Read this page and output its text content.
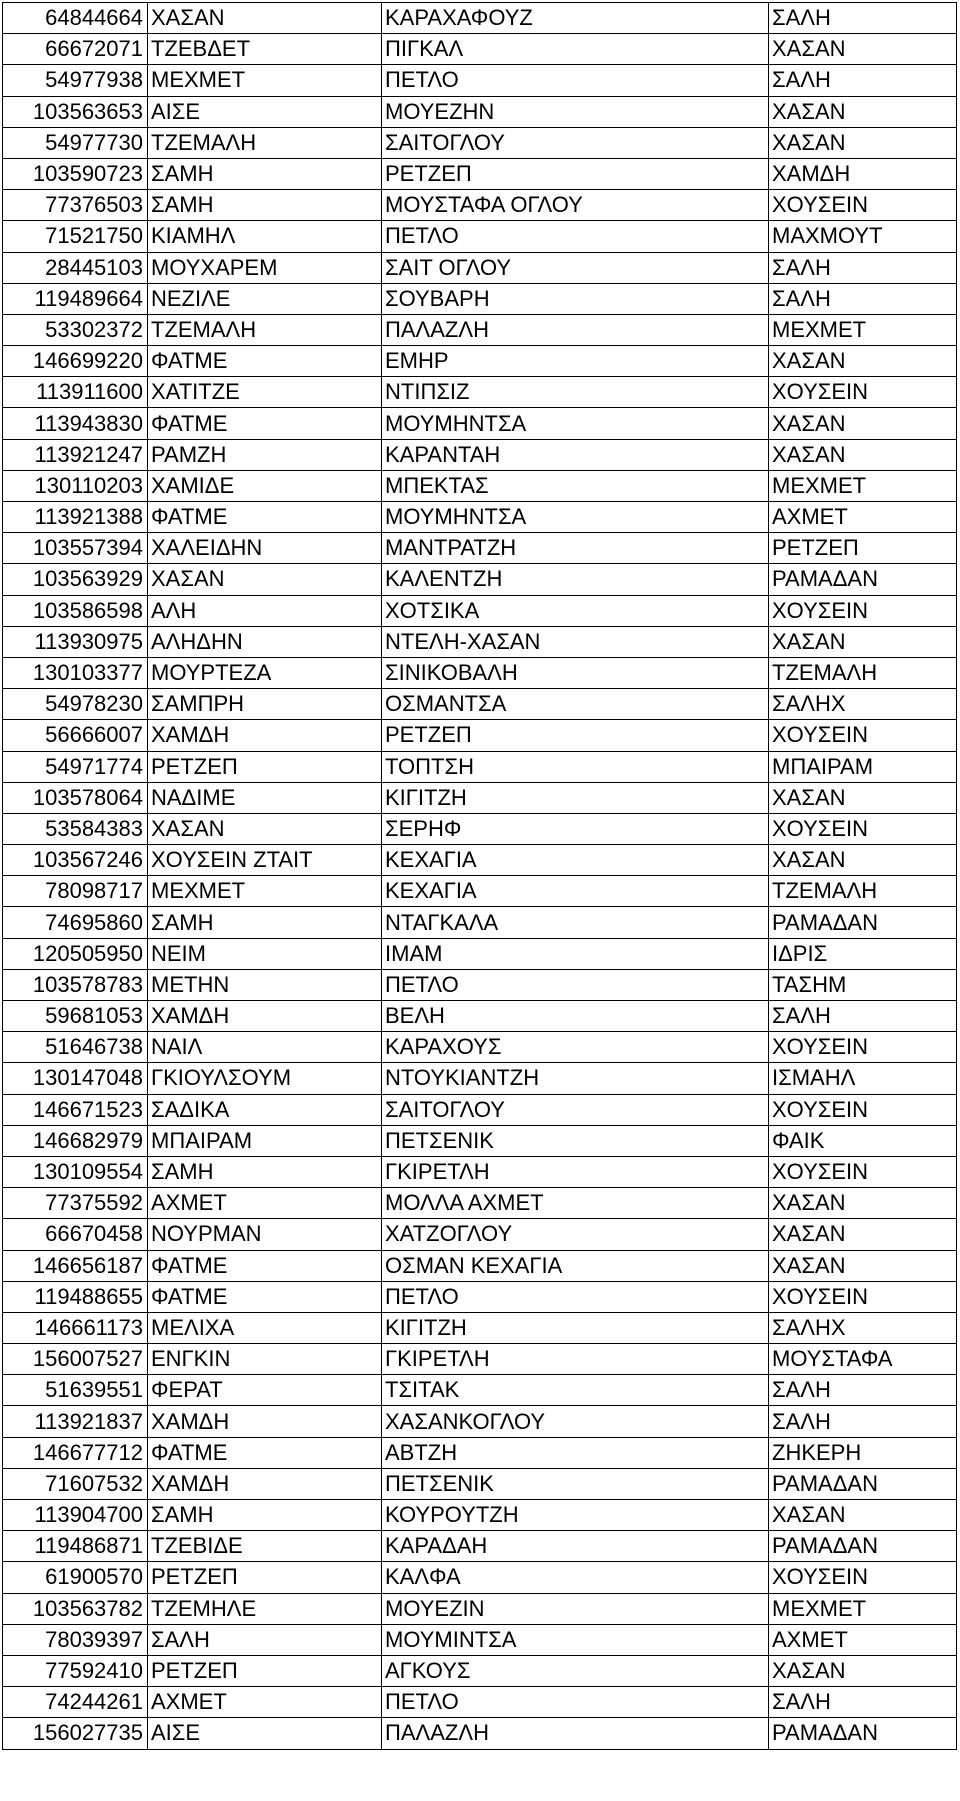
64844664	ΧΑΣΑΝ	ΚΑΡΑΧΑΦΟΥΖ	ΣΑΛΗ
66672071	ΤΖΕΒΔΕΤ	ΠΙΓΚΑΛ	ΧΑΣΑΝ
54977938	ΜΕΧΜΕΤ	ΠΕΤΛΟ	ΣΑΛΗ
103563653	ΑΙΣΕ	ΜΟΥΕΖΗΝ	ΧΑΣΑΝ
54977730	ΤΖΕΜΑΛΗ	ΣΑΙΤΟΓΛΟΥ	ΧΑΣΑΝ
103590723	ΣΑΜΗ	ΡΕΤΖΕΠ	ΧΑΜΔΗ
77376503	ΣΑΜΗ	ΜΟΥΣΤΑΦΑ ΟΓΛΟΥ	ΧΟΥΣΕΙΝ
71521750	ΚΙΑΜΗΛ	ΠΕΤΛΟ	ΜΑΧΜΟΥΤ
28445103	ΜΟΥΧΑΡΕΜ	ΣΑΙΤ ΟΓΛΟΥ	ΣΑΛΗ
119489664	ΝΕΖΙΛΕ	ΣΟΥΒΑΡΗ	ΣΑΛΗ
53302372	ΤΖΕΜΑΛΗ	ΠΑΛΑΖΛΗ	ΜΕΧΜΕΤ
146699220	ΦΑΤΜΕ	ΕΜΗΡ	ΧΑΣΑΝ
113911600	ΧΑΤΙΤΖΕ	ΝΤΙΠΣΙΖ	ΧΟΥΣΕΙΝ
113943830	ΦΑΤΜΕ	ΜΟΥΜΗΝΤΣΑ	ΧΑΣΑΝ
113921247	ΡΑΜΖΗ	ΚΑΡΑΝΤΑΗ	ΧΑΣΑΝ
130110203	ΧΑΜΙΔΕ	ΜΠΕΚΤΑΣ	ΜΕΧΜΕΤ
113921388	ΦΑΤΜΕ	ΜΟΥΜΗΝΤΣΑ	ΑΧΜΕΤ
103557394	ΧΑΛΕΙΔΗΝ	ΜΑΝΤΡΑΤΖΗ	ΡΕΤΖΕΠ
103563929	ΧΑΣΑΝ	ΚΑΛΕΝΤΖΗ	ΡΑΜΑΔΑΝ
103586598	ΑΛΗ	ΧΟΤΣΙΚΑ	ΧΟΥΣΕΙΝ
113930975	ΑΛΗΔΗΝ	ΝΤΕΛΗ-ΧΑΣΑΝ	ΧΑΣΑΝ
130103377	ΜΟΥΡΤΕΖΑ	ΣΙΝΙΚΟΒΑΛΗ	ΤΖΕΜΑΛΗ
54978230	ΣΑΜΠΡΗ	ΟΣΜΑΝΤΣΑ	ΣΑΛΗΧ
56666007	ΧΑΜΔΗ	ΡΕΤΖΕΠ	ΧΟΥΣΕΙΝ
54971774	ΡΕΤΖΕΠ	ΤΟΠΤΣΗ	ΜΠΑΙΡΑΜ
103578064	ΝΑΔΙΜΕ	ΚΙΓΙΤΖΗ	ΧΑΣΑΝ
53584383	ΧΑΣΑΝ	ΣΕΡΗΦ	ΧΟΥΣΕΙΝ
103567246	ΧΟΥΣΕΙΝ ΖΤΑΙΤ	ΚΕΧΑΓΙΑ	ΧΑΣΑΝ
78098717	ΜΕΧΜΕΤ	ΚΕΧΑΓΙΑ	ΤΖΕΜΑΛΗ
74695860	ΣΑΜΗ	ΝΤΑΓΚΑΛΑ	ΡΑΜΑΔΑΝ
120505950	ΝΕΙΜ	ΙΜΑΜ	ΙΔΡΙΣ
103578783	ΜΕΤΗΝ	ΠΕΤΛΟ	ΤΑΣΗΜ
59681053	ΧΑΜΔΗ	ΒΕΛΗ	ΣΑΛΗ
51646738	ΝΑΙΛ	ΚΑΡΑΧΟΥΣ	ΧΟΥΣΕΙΝ
130147048	ΓΚΙΟΥΛΣΟΥΜ	ΝΤΟΥΚΙΑΝΤΖΗ	ΙΣΜΑΗΛ
146671523	ΣΑΔΙΚΑ	ΣΑΙΤΟΓΛΟΥ	ΧΟΥΣΕΙΝ
146682979	ΜΠΑΙΡΑΜ	ΠΕΤΣΕΝΙΚ	ΦΑΙΚ
130109554	ΣΑΜΗ	ΓΚΙΡΕΤΛΗ	ΧΟΥΣΕΙΝ
77375592	ΑΧΜΕΤ	ΜΟΛΛΑ ΑΧΜΕΤ	ΧΑΣΑΝ
66670458	ΝΟΥΡΜΑΝ	ΧΑΤΖΟΓΛΟΥ	ΧΑΣΑΝ
146656187	ΦΑΤΜΕ	ΟΣΜΑΝ ΚΕΧΑΓΙΑ	ΧΑΣΑΝ
119488655	ΦΑΤΜΕ	ΠΕΤΛΟ	ΧΟΥΣΕΙΝ
146661173	ΜΕΛΙΧΑ	ΚΙΓΙΤΖΗ	ΣΑΛΗΧ
156007527	ΕΝΓΚΙΝ	ΓΚΙΡΕΤΛΗ	ΜΟΥΣΤΑΦΑ
51639551	ΦΕΡΑΤ	ΤΣΙΤΑΚ	ΣΑΛΗ
113921837	ΧΑΜΔΗ	ΧΑΣΑΝΚΟΓΛΟΥ	ΣΑΛΗ
146677712	ΦΑΤΜΕ	ΑΒΤΖΗ	ΖΗΚΕΡΗ
71607532	ΧΑΜΔΗ	ΠΕΤΣΕΝΙΚ	ΡΑΜΑΔΑΝ
113904700	ΣΑΜΗ	ΚΟΥΡΟΥΤΖΗ	ΧΑΣΑΝ
119486871	ΤΖΕΒΙΔΕ	ΚΑΡΑΔΑΗ	ΡΑΜΑΔΑΝ
61900570	ΡΕΤΖΕΠ	ΚΑΛΦΑ	ΧΟΥΣΕΙΝ
103563782	ΤΖΕΜΗΛΕ	ΜΟΥΕΖΙΝ	ΜΕΧΜΕΤ
78039397	ΣΑΛΗ	ΜΟΥΜΙΝΤΣΑ	ΑΧΜΕΤ
77592410	ΡΕΤΖΕΠ	ΑΓΚΟΥΣ	ΧΑΣΑΝ
74244261	ΑΧΜΕΤ	ΠΕΤΛΟ	ΣΑΛΗ
156027735	ΑΙΣΕ	ΠΑΛΑΖΛΗ	ΡΑΜΑΔΑΝ
